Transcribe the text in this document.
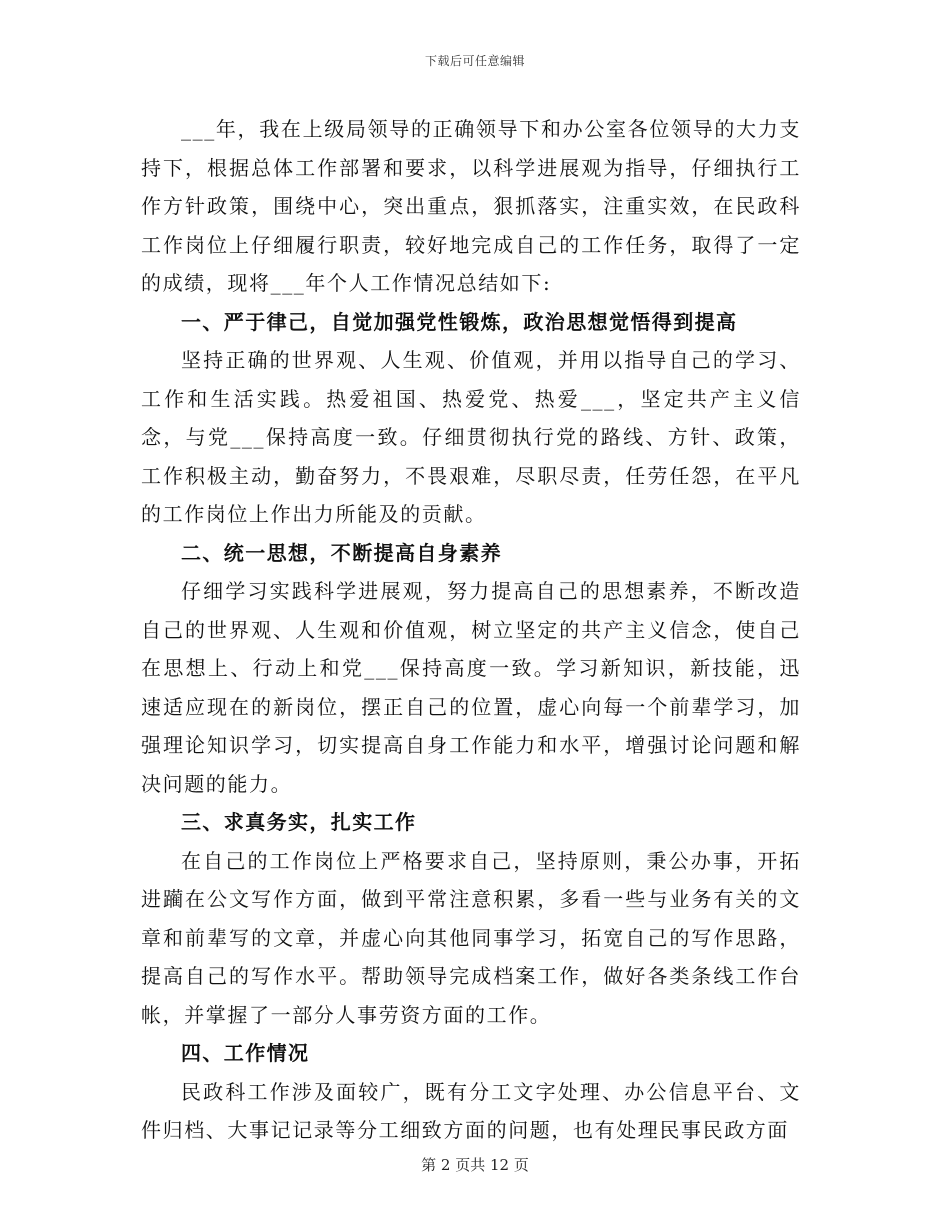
下载后可任意编辑

___年，我在上级局领导的正确领导下和办公室各位领导的大力支持下，根据总体工作部署和要求，以科学进展观为指导，仔细执行工作方针政策，围绕中心，突出重点，狠抓落实，注重实效，在民政科工作岗位上仔细履行职责，较好地完成自己的工作任务，取得了一定的成绩，现将___年个人工作情况总结如下:

一、严于律己，自觉加强党性锻炼，政治思想觉悟得到提高

坚持正确的世界观、人生观、价值观，并用以指导自己的学习、工作和生活实践。热爱祖国、热爱党、热爱___，坚定共产主义信念，与党___保持高度一致。仔细贯彻执行党的路线、方针、政策，工作积极主动，勤奋努力，不畏艰难，尽职尽责，任劳任怨，在平凡的工作岗位上作出力所能及的贡献。

二、统一思想，不断提高自身素养

仔细学习实践科学进展观，努力提高自己的思想素养，不断改造自己的世界观、人生观和价值观，树立坚定的共产主义信念，使自己在思想上、行动上和党___保持高度一致。学习新知识，新技能，迅速适应现在的新岗位，摆正自己的位置，虚心向每一个前辈学习，加强理论知识学习，切实提高自身工作能力和水平，增强讨论问题和解决问题的能力。

三、求真务实，扎实工作

在自己的工作岗位上严格要求自己，坚持原则，秉公办事，开拓进躏在公文写作方面，做到平常注意积累，多看一些与业务有关的文章和前辈写的文章，并虚心向其他同事学习，拓宽自己的写作思路，提高自己的写作水平。帮助领导完成档案工作，做好各类条线工作台帐，并掌握了一部分人事劳资方面的工作。

四、工作情况

民政科工作涉及面较广，既有分工文字处理、办公信息平台、文件归档、大事记记录等分工细致方面的问题，也有处理民事民政方面

第 2 页共 12 页
